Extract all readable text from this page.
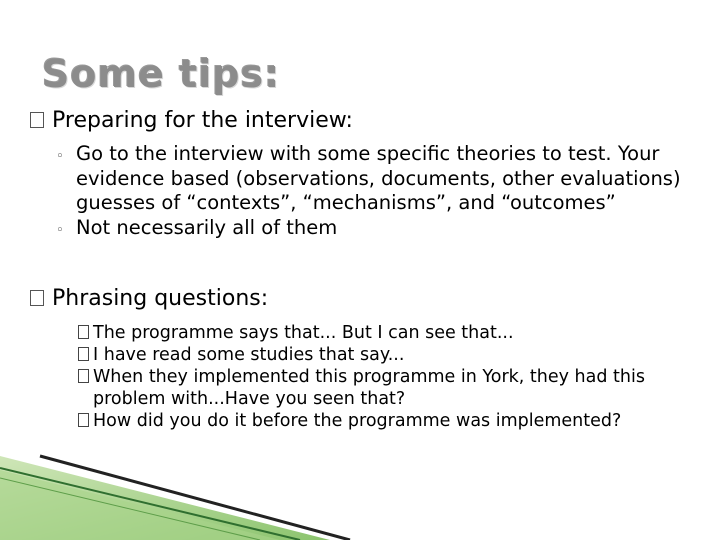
Some tips:
Preparing for the interview:
◦ Go to the interview with some specific theories to test. Your evidence based (observations, documents, other evaluations) guesses of “contexts”, “mechanisms”, and “outcomes”
◦ Not necessarily all of them
Phrasing questions:
The programme says that... But I can see that...
I have read some studies that say...
When they implemented this programme in York, they had this problem with...Have you seen that?
How did you do it before the programme was implemented?
